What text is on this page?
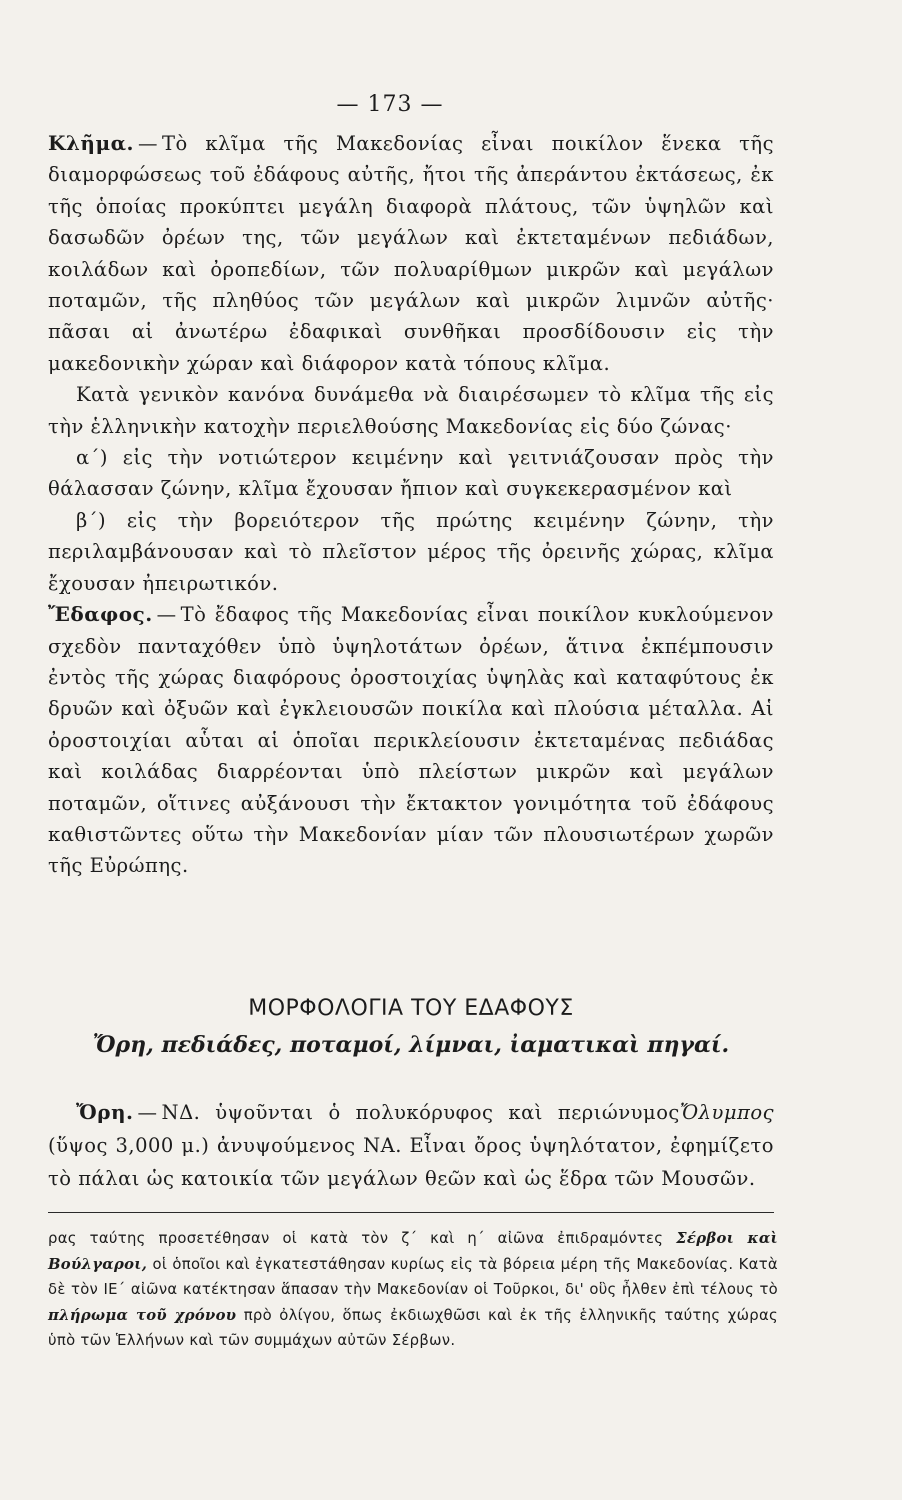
— 173 —

Κλῆμα. — Τὸ κλῖμα τῆς Μακεδονίας εἶναι ποικίλον ἕνεκα τῆς διαμορφώσεως τοῦ ἐδάφους αὐτῆς, ἤτοι τῆς ἀπεράντου ἐκτάσεως, ἐκ τῆς ὁποίας προκύπτει μεγάλη διαφορὰ πλάτους, τῶν ὑψηλῶν καὶ δασωδῶν ὀρέων της, τῶν μεγάλων καὶ ἐκτεταμένων πεδιάδων, κοιλάδων καὶ ὀροπεδίων, τῶν πολυαρίθμων μικρῶν καὶ μεγάλων ποταμῶν, τῆς πληθύος τῶν μεγάλων καὶ μικρῶν λιμνῶν αὐτῆς· πᾶσαι αἱ ἀνωτέρω ἐδαφικαὶ συνθῆκαι προσδίδουσιν εἰς τὴν μακεδονικὴν χώραν καὶ διάφορον κατὰ τόπους κλῖμα.

Κατὰ γενικὸν κανόνα δυνάμεθα νὰ διαιρέσωμεν τὸ κλῖμα τῆς εἰς τὴν ἑλληνικὴν κατοχὴν περιελθούσης Μακεδονίας εἰς δύο ζώνας·

α΄) εἰς τὴν νοτιώτερον κειμένην καὶ γειτνιάζουσαν πρὸς τὴν θάλασσαν ζώνην, κλῖμα ἔχουσαν ἤπιον καὶ συγκεκερασμένον καὶ

β΄) εἰς τὴν βορειότερον τῆς πρώτης κειμένην ζώνην, τὴν περιλαμβάνουσαν καὶ τὸ πλεῖστον μέρος τῆς ὀρεινῆς χώρας, κλῖμα ἔχουσαν ἠπειρωτικόν.

Ἔδαφος. — Τὸ ἔδαφος τῆς Μακεδονίας εἶναι ποικίλον κυκλούμενον σχεδὸν πανταχόθεν ὑπὸ ὑψηλοτάτων ὀρέων, ἅτινα ἐκπέμπουσιν ἐντὸς τῆς χώρας διαφόρους ὀροστοιχίας ὑψηλὰς καὶ καταφύτους ἐκ δρυῶν καὶ ὀξυῶν καὶ ἐγκλειουσῶν ποικίλα καὶ πλούσια μέταλλα. Αἱ ὀροστοιχίαι αὗται αἱ ὁποῖαι περικλείουσιν ἐκτεταμένας πεδιάδας καὶ κοιλάδας διαρρέονται ὑπὸ πλείστων μικρῶν καὶ μεγάλων ποταμῶν, οἵτινες αὐξάνουσι τὴν ἔκτακτον γονιμότητα τοῦ ἐδάφους καθιστῶντες οὕτω τὴν Μακεδονίαν μίαν τῶν πλουσιωτέρων χωρῶν τῆς Εὐρώπης.

ΜΟΡΦΟΛΟΓΙΑ ΤΟΥ ΕΔΑΦΟΥΣ
Ὄρη, πεδιάδες, ποταμοί, λίμναι, ἰαματικαὶ πηγαί.

Ὄρη. — ΝΔ. ὑψοῦνται ὁ πολυκόρυφος καὶ περιώνυμοςὌλυμπος (ὕψος 3,000 μ.) ἀνυψούμενος ΝΑ. Εἶναι ὄρος ὑψηλότατον, ἐφημίζετο τὸ πάλαι ὡς κατοικία τῶν μεγάλων θεῶν καὶ ὡς ἕδρα τῶν Μουσῶν.

ρας ταύτης προσετέθησαν οἱ κατὰ τὸν ζ΄ καὶ η΄ αἰῶνα ἐπιδραμόντες Σέρβοι καὶ Βούλγαροι, οἱ ὁποῖοι καὶ ἐγκατεστάθησαν κυρίως εἰς τὰ βόρεια μέρη τῆς Μακεδονίας. Κατὰ δὲ τὸν ΙΕ΄ αἰῶνα κατέκτησαν ἅπασαν τὴν Μακεδονίαν οἱ Τοῦρκοι, δι' οὓς ἦλθεν ἐπὶ τέλους τὸ πλήρωμα τοῦ χρόνου πρὸ ὀλίγου, ὅπως ἐκδιωχθῶσι καὶ ἐκ τῆς ἑλληνικῆς ταύτης χώρας ὑπὸ τῶν Ἑλλήνων καὶ τῶν συμμάχων αὐτῶν Σέρβων.
